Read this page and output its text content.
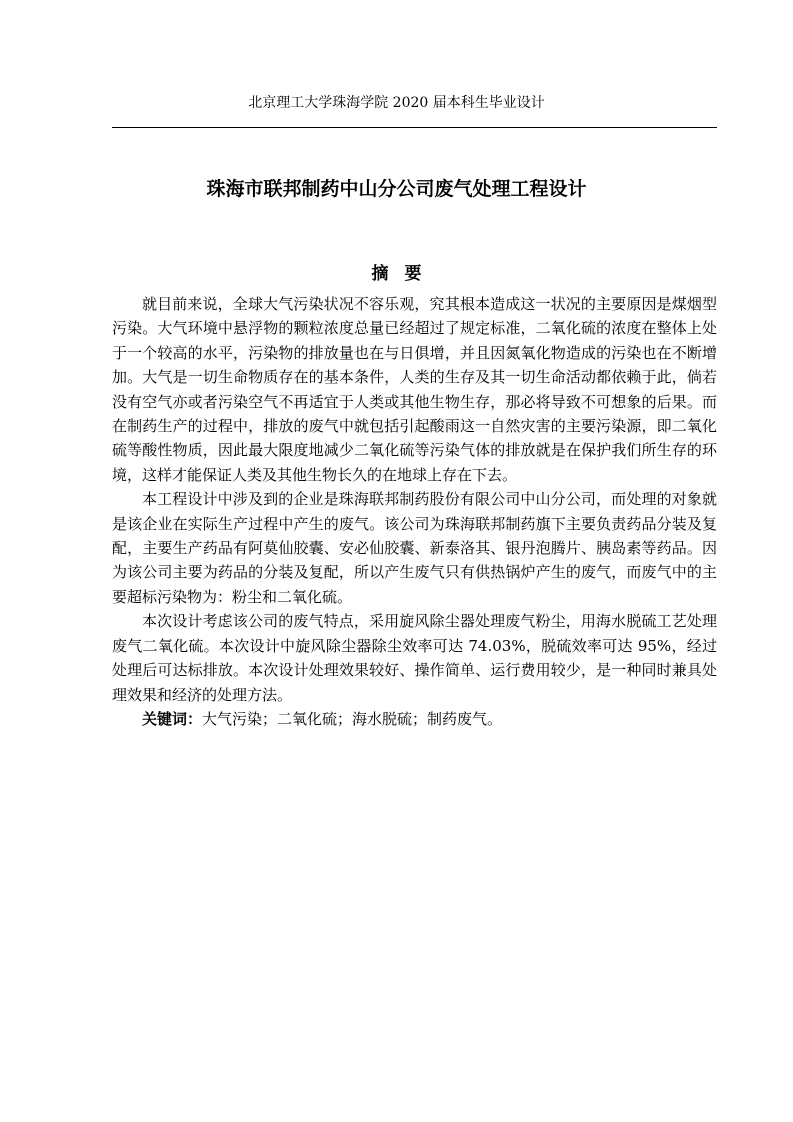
北京理工大学珠海学院 2020 届本科生毕业设计
珠海市联邦制药中山分公司废气处理工程设计
摘要

就目前来说，全球大气污染状况不容乐观，究其根本造成这一状况的主要原因是煤烟型污染。大气环境中悬浮物的颗粒浓度总量已经超过了规定标准，二氧化硫的浓度在整体上处于一个较高的水平，污染物的排放量也在与日俱增，并且因氮氧化物造成的污染也在不断增加。大气是一切生命物质存在的基本条件，人类的生存及其一切生命活动都依赖于此，倘若没有空气亦或者污染空气不再适宜于人类或其他生物生存，那必将导致不可想象的后果。而在制药生产的过程中，排放的废气中就包括引起酸雨这一自然灾害的主要污染源，即二氧化硫等酸性物质，因此最大限度地减少二氧化硫等污染气体的排放就是在保护我们所生存的环境，这样才能保证人类及其他生物长久的在地球上存在下去。

本工程设计中涉及到的企业是珠海联邦制药股份有限公司中山分公司，而处理的对象就是该企业在实际生产过程中产生的废气。该公司为珠海联邦制药旗下主要负责药品分装及复配，主要生产药品有阿莫仙胶囊、安必仙胶囊、新泰洛其、银丹泡腾片、胰岛素等药品。因为该公司主要为药品的分装及复配，所以产生废气只有供热锅炉产生的废气，而废气中的主要超标污染物为：粉尘和二氧化硫。

本次设计考虑该公司的废气特点，采用旋风除尘器处理废气粉尘，用海水脱硫工艺处理废气二氧化硫。本次设计中旋风除尘器除尘效率可达 74.03%，脱硫效率可达 95%，经过处理后可达标排放。本次设计处理效果较好、操作简单、运行费用较少，是一种同时兼具处理效果和经济的处理方法。

关键词：大气污染；二氧化硫；海水脱硫；制药废气。
